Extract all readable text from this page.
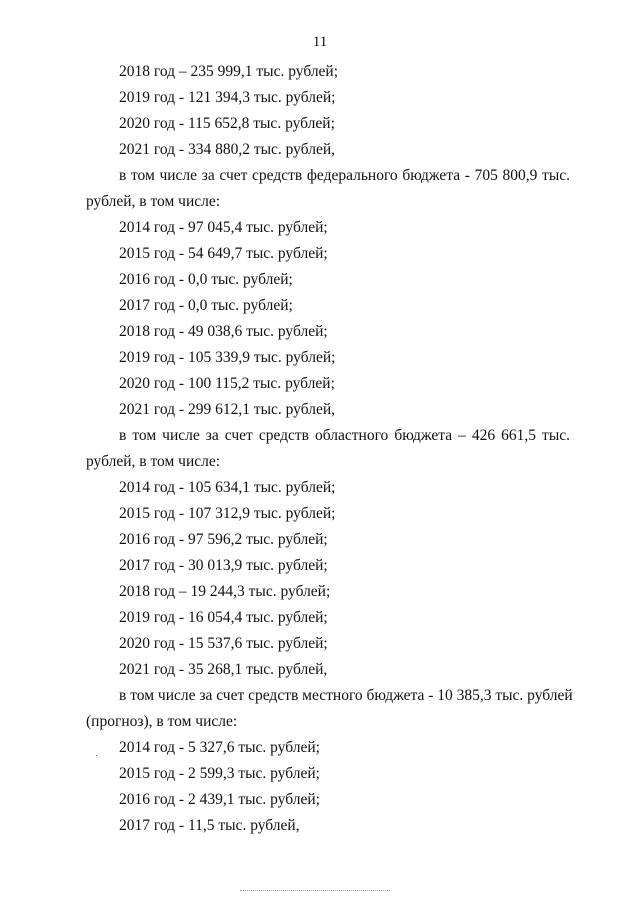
11
2018 год – 235 999,1 тыс. рублей;
2019 год - 121 394,3 тыс. рублей;
2020 год - 115 652,8 тыс. рублей;
2021 год - 334 880,2 тыс. рублей,
в том числе за счет средств федерального бюджета - 705 800,9 тыс.
рублей, в том числе:
2014 год - 97 045,4 тыс. рублей;
2015 год - 54 649,7 тыс. рублей;
2016 год - 0,0 тыс. рублей;
2017 год - 0,0 тыс. рублей;
2018 год - 49 038,6 тыс. рублей;
2019 год - 105 339,9 тыс. рублей;
2020 год - 100 115,2 тыс. рублей;
2021 год - 299 612,1 тыс. рублей,
в том числе за счет средств областного бюджета – 426 661,5 тыс.
рублей, в том числе:
2014 год - 105 634,1 тыс. рублей;
2015 год - 107 312,9 тыс. рублей;
2016 год - 97 596,2 тыс. рублей;
2017 год - 30 013,9 тыс. рублей;
2018 год – 19 244,3 тыс. рублей;
2019 год - 16 054,4 тыс. рублей;
2020 год - 15 537,6 тыс. рублей;
2021 год - 35 268,1 тыс. рублей,
в том числе за счет средств местного бюджета - 10 385,3 тыс. рублей
(прогноз), в том числе:
2014 год - 5 327,6 тыс. рублей;
2015 год - 2 599,3 тыс. рублей;
2016 год - 2 439,1 тыс. рублей;
2017 год - 11,5 тыс. рублей,
